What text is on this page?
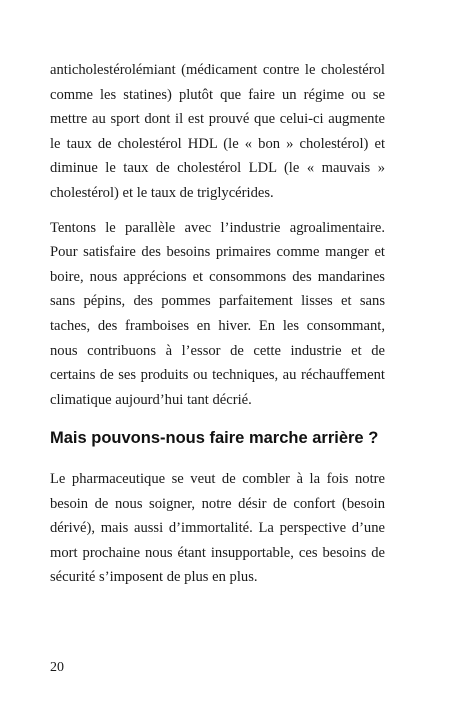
anticholestérolémiant (médicament contre le cholestérol comme les statines) plutôt que faire un régime ou se mettre au sport dont il est prouvé que celui-ci augmente le taux de cholestérol HDL (le « bon » cholestérol) et diminue le taux de cholestérol LDL (le « mauvais » cholestérol) et le taux de triglycérides.

Tentons le parallèle avec l’industrie agroalimentaire. Pour satisfaire des besoins primaires comme manger et boire, nous apprécions et consommons des mandarines sans pépins, des pommes parfaitement lisses et sans taches, des framboises en hiver. En les consommant, nous contribuons à l’essor de cette industrie et de certains de ses produits ou techniques, au réchauffement climatique aujourd’hui tant décrié.

Mais pouvons-nous faire marche arrière ?

Le pharmaceutique se veut de combler à la fois notre besoin de nous soigner, notre désir de confort (besoin dérivé), mais aussi d’immortalité. La perspective d’une mort prochaine nous étant insupportable, ces besoins de sécurité s’imposent de plus en plus.

20
